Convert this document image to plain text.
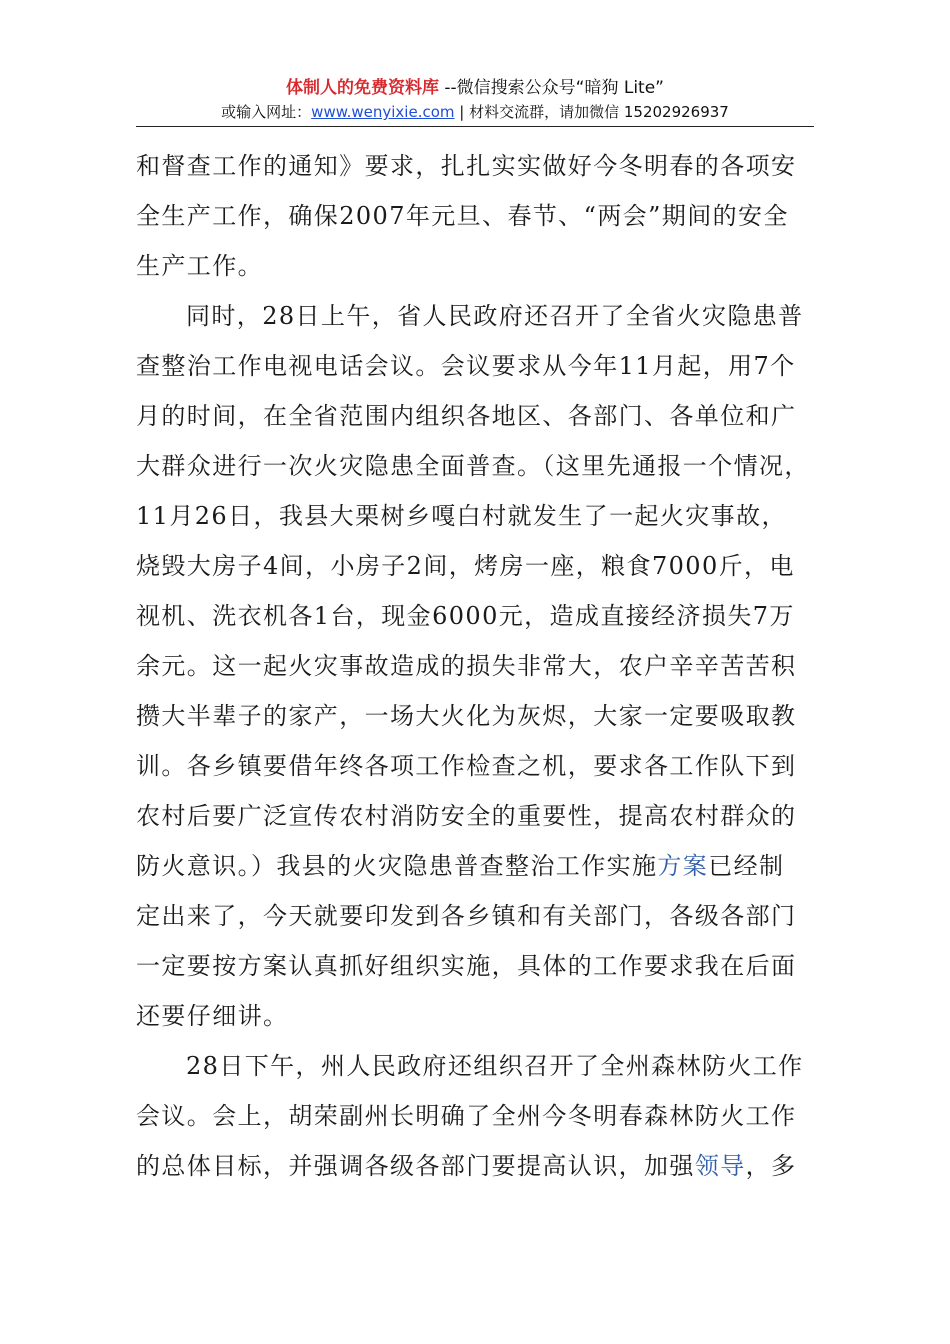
体制人的免费资料库 --微信搜索公众号“暗狗 Lite”
或输入网址：www.wenyixie.com | 材料交流群，请加微信 15202926937
和督查工作的通知》要求，扎扎实实做好今冬明春的各项安
全生产工作，确保2007年元旦、春节、“两会”期间的安全
生产工作。
同时，28日上午，省人民政府还召开了全省火灾隐患普
查整治工作电视电话会议。会议要求从今年11月起，用7个
月的时间，在全省范围内组织各地区、各部门、各单位和广
大群众进行一次火灾隐患全面普查。（这里先通报一个情况，
11月26日，我县大栗树乡嘎白村就发生了一起火灾事故，
烧毁大房子4间，小房子2间，烤房一座，粮食7000斤，电
视机、洗衣机各1台，现金6000元，造成直接经济损失7万
余元。这一起火灾事故造成的损失非常大，农户辛辛苦苦积
攒大半辈子的家产，一场大火化为灰烬，大家一定要吸取教
训。各乡镇要借年终各项工作检查之机，要求各工作队下到
农村后要广泛宣传农村消防安全的重要性，提高农村群众的
防火意识。）我县的火灾隐患普查整治工作实施方案已经制
定出来了，今天就要印发到各乡镇和有关部门，各级各部门
一定要按方案认真抓好组织实施，具体的工作要求我在后面
还要仔细讲。
28日下午，州人民政府还组织召开了全州森林防火工作
会议。会上，胡荣副州长明确了全州今冬明春森林防火工作
的总体目标，并强调各级各部门要提高认识，加强领导，多
